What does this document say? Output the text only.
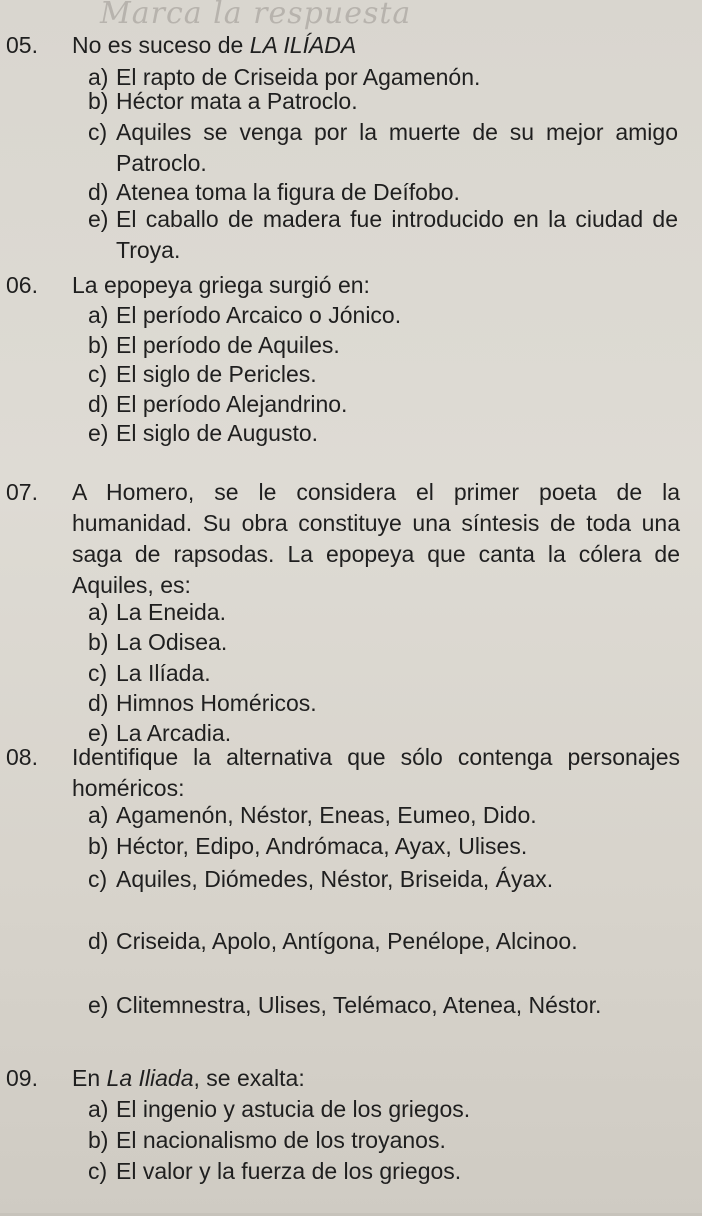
Marca la respuesta
05. No es suceso de LA ILÍADA
a) El rapto de Criseida por Agamenón.
b) Héctor mata a Patroclo.
c) Aquiles se venga por la muerte de su mejor amigo Patroclo.
d) Atenea toma la figura de Deífobo.
e) El caballo de madera fue introducido en la ciudad de Troya.
06. La epopeya griega surgió en:
a) El período Arcaico o Jónico.
b) El período de Aquiles.
c) El siglo de Pericles.
d) El período Alejandrino.
e) El siglo de Augusto.
07. A Homero, se le considera el primer poeta de la humanidad. Su obra constituye una síntesis de toda una saga de rapsodas. La epopeya que canta la cólera de Aquiles, es:
a) La Eneida.
b) La Odisea.
c) La Ilíada.
d) Himnos Homéricos.
e) La Arcadia.
08. Identifique la alternativa que sólo contenga personajes homéricos:
a) Agamenón, Néstor, Eneas, Eumeo, Dido.
b) Héctor, Edipo, Andrómaca, Ayax, Ulises.
c) Aquiles, Diómedes, Néstor, Briseida, Áyax.
d) Criseida, Apolo, Antígona, Penélope, Alcinoo.
e) Clitemnestra, Ulises, Telémaco, Atenea, Néstor.
09. En La Iliada, se exalta:
a) El ingenio y astucia de los griegos.
b) El nacionalismo de los troyanos.
c) El valor y la fuerza de los griegos.
